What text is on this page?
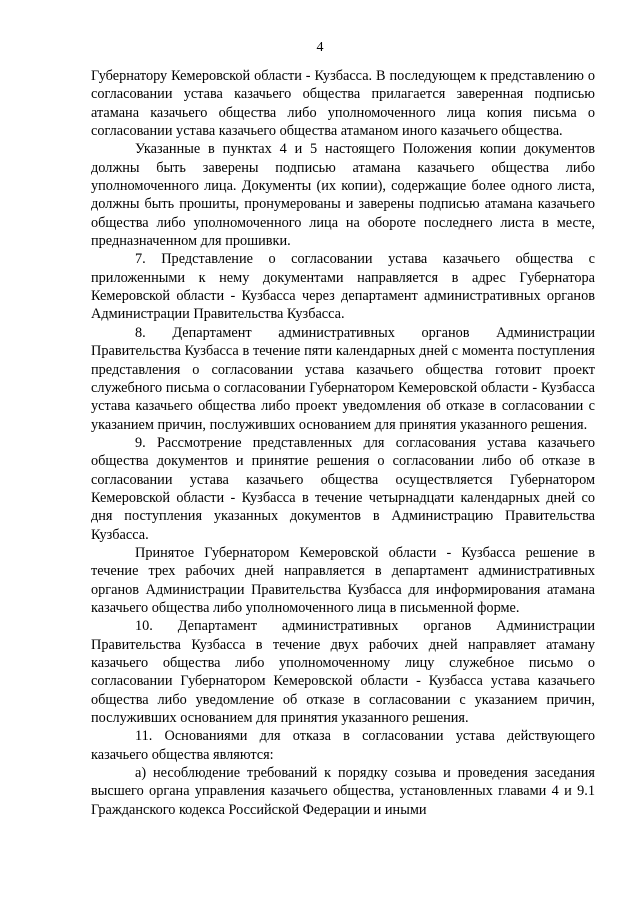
4

Губернатору Кемеровской области - Кузбасса. В последующем к представлению о согласовании устава казачьего общества прилагается заверенная подписью атамана казачьего общества либо уполномоченного лица копия письма о согласовании устава казачьего общества атаманом иного казачьего общества.

Указанные в пунктах 4 и 5 настоящего Положения копии документов должны быть заверены подписью атамана казачьего общества либо уполномоченного лица. Документы (их копии), содержащие более одного листа, должны быть прошиты, пронумерованы и заверены подписью атамана казачьего общества либо уполномоченного лица на обороте последнего листа в месте, предназначенном для прошивки.

7. Представление о согласовании устава казачьего общества с приложенными к нему документами направляется в адрес Губернатора Кемеровской области - Кузбасса через департамент административных органов Администрации Правительства Кузбасса.

8. Департамент административных органов Администрации Правительства Кузбасса в течение пяти календарных дней с момента поступления представления о согласовании устава казачьего общества готовит проект служебного письма о согласовании Губернатором Кемеровской области - Кузбасса устава казачьего общества либо проект уведомления об отказе в согласовании с указанием причин, послуживших основанием для принятия указанного решения.

9. Рассмотрение представленных для согласования устава казачьего общества документов и принятие решения о согласовании либо об отказе в согласовании устава казачьего общества осуществляется Губернатором Кемеровской области - Кузбасса в течение четырнадцати календарных дней со дня поступления указанных документов в Администрацию Правительства Кузбасса.

Принятое Губернатором Кемеровской области - Кузбасса решение в течение трех рабочих дней направляется в департамент административных органов Администрации Правительства Кузбасса для информирования атамана казачьего общества либо уполномоченного лица в письменной форме.

10. Департамент административных органов Администрации Правительства Кузбасса в течение двух рабочих дней направляет атаману казачьего общества либо уполномоченному лицу служебное письмо о согласовании Губернатором Кемеровской области - Кузбасса устава казачьего общества либо уведомление об отказе в согласовании с указанием причин, послуживших основанием для принятия указанного решения.

11. Основаниями для отказа в согласовании устава действующего казачьего общества являются:

а) несоблюдение требований к порядку созыва и проведения заседания высшего органа управления казачьего общества, установленных главами 4 и 9.1 Гражданского кодекса Российской Федерации и иными
